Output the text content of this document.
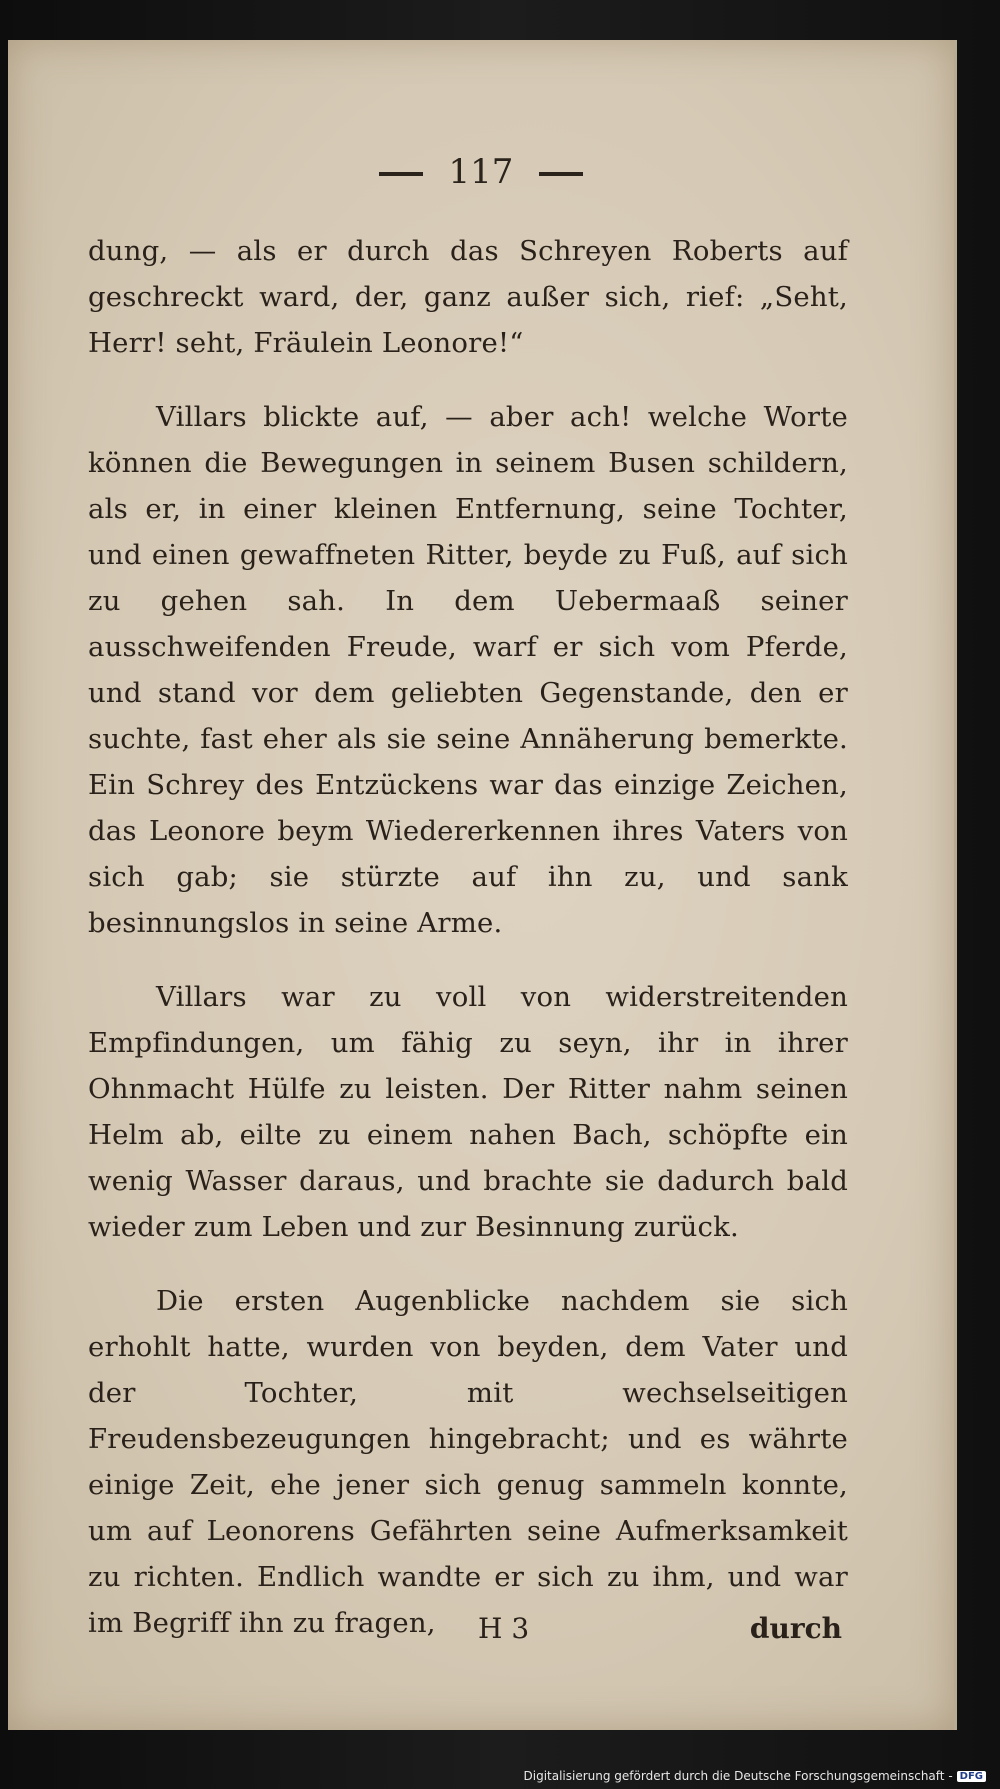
117

dung, — als er durch das Schreyen Roberts auf geschreckt ward, der, ganz außer sich, rief: „Seht, Herr! seht, Fräulein Leonore!“

Villars blickte auf, — aber ach! welche Worte können die Bewegungen in seinem Busen schildern, als er, in einer kleinen Entfernung, seine Tochter, und einen gewaffneten Ritter, beyde zu Fuß, auf sich zu gehen sah. In dem Uebermaaß seiner ausschweifenden Freude, warf er sich vom Pferde, und stand vor dem geliebten Gegenstande, den er suchte, fast eher als sie seine Annäherung bemerkte. Ein Schrey des Entzückens war das einzige Zeichen, das Leonore beym Wiedererkennen ihres Vaters von sich gab; sie stürzte auf ihn zu, und sank besinnungslos in seine Arme.

Villars war zu voll von widerstreitenden Empfindungen, um fähig zu seyn, ihr in ihrer Ohnmacht Hülfe zu leisten. Der Ritter nahm seinen Helm ab, eilte zu einem nahen Bach, schöpfte ein wenig Wasser daraus, und brachte sie dadurch bald wieder zum Leben und zur Besinnung zurück.

Die ersten Augenblicke nachdem sie sich erhohlt hatte, wurden von beyden, dem Vater und der Tochter, mit wechselseitigen Freudensbezeugungen hingebracht; und es währte einige Zeit, ehe jener sich genug sammeln konnte, um auf Leonorens Gefährten seine Aufmerksamkeit zu richten. Endlich wandte er sich zu ihm, und war im Begriff ihn zu fragen,	H 3	durch
Digitalisierung gefördert durch die Deutsche Forschungsgemeinschaft - DFG
